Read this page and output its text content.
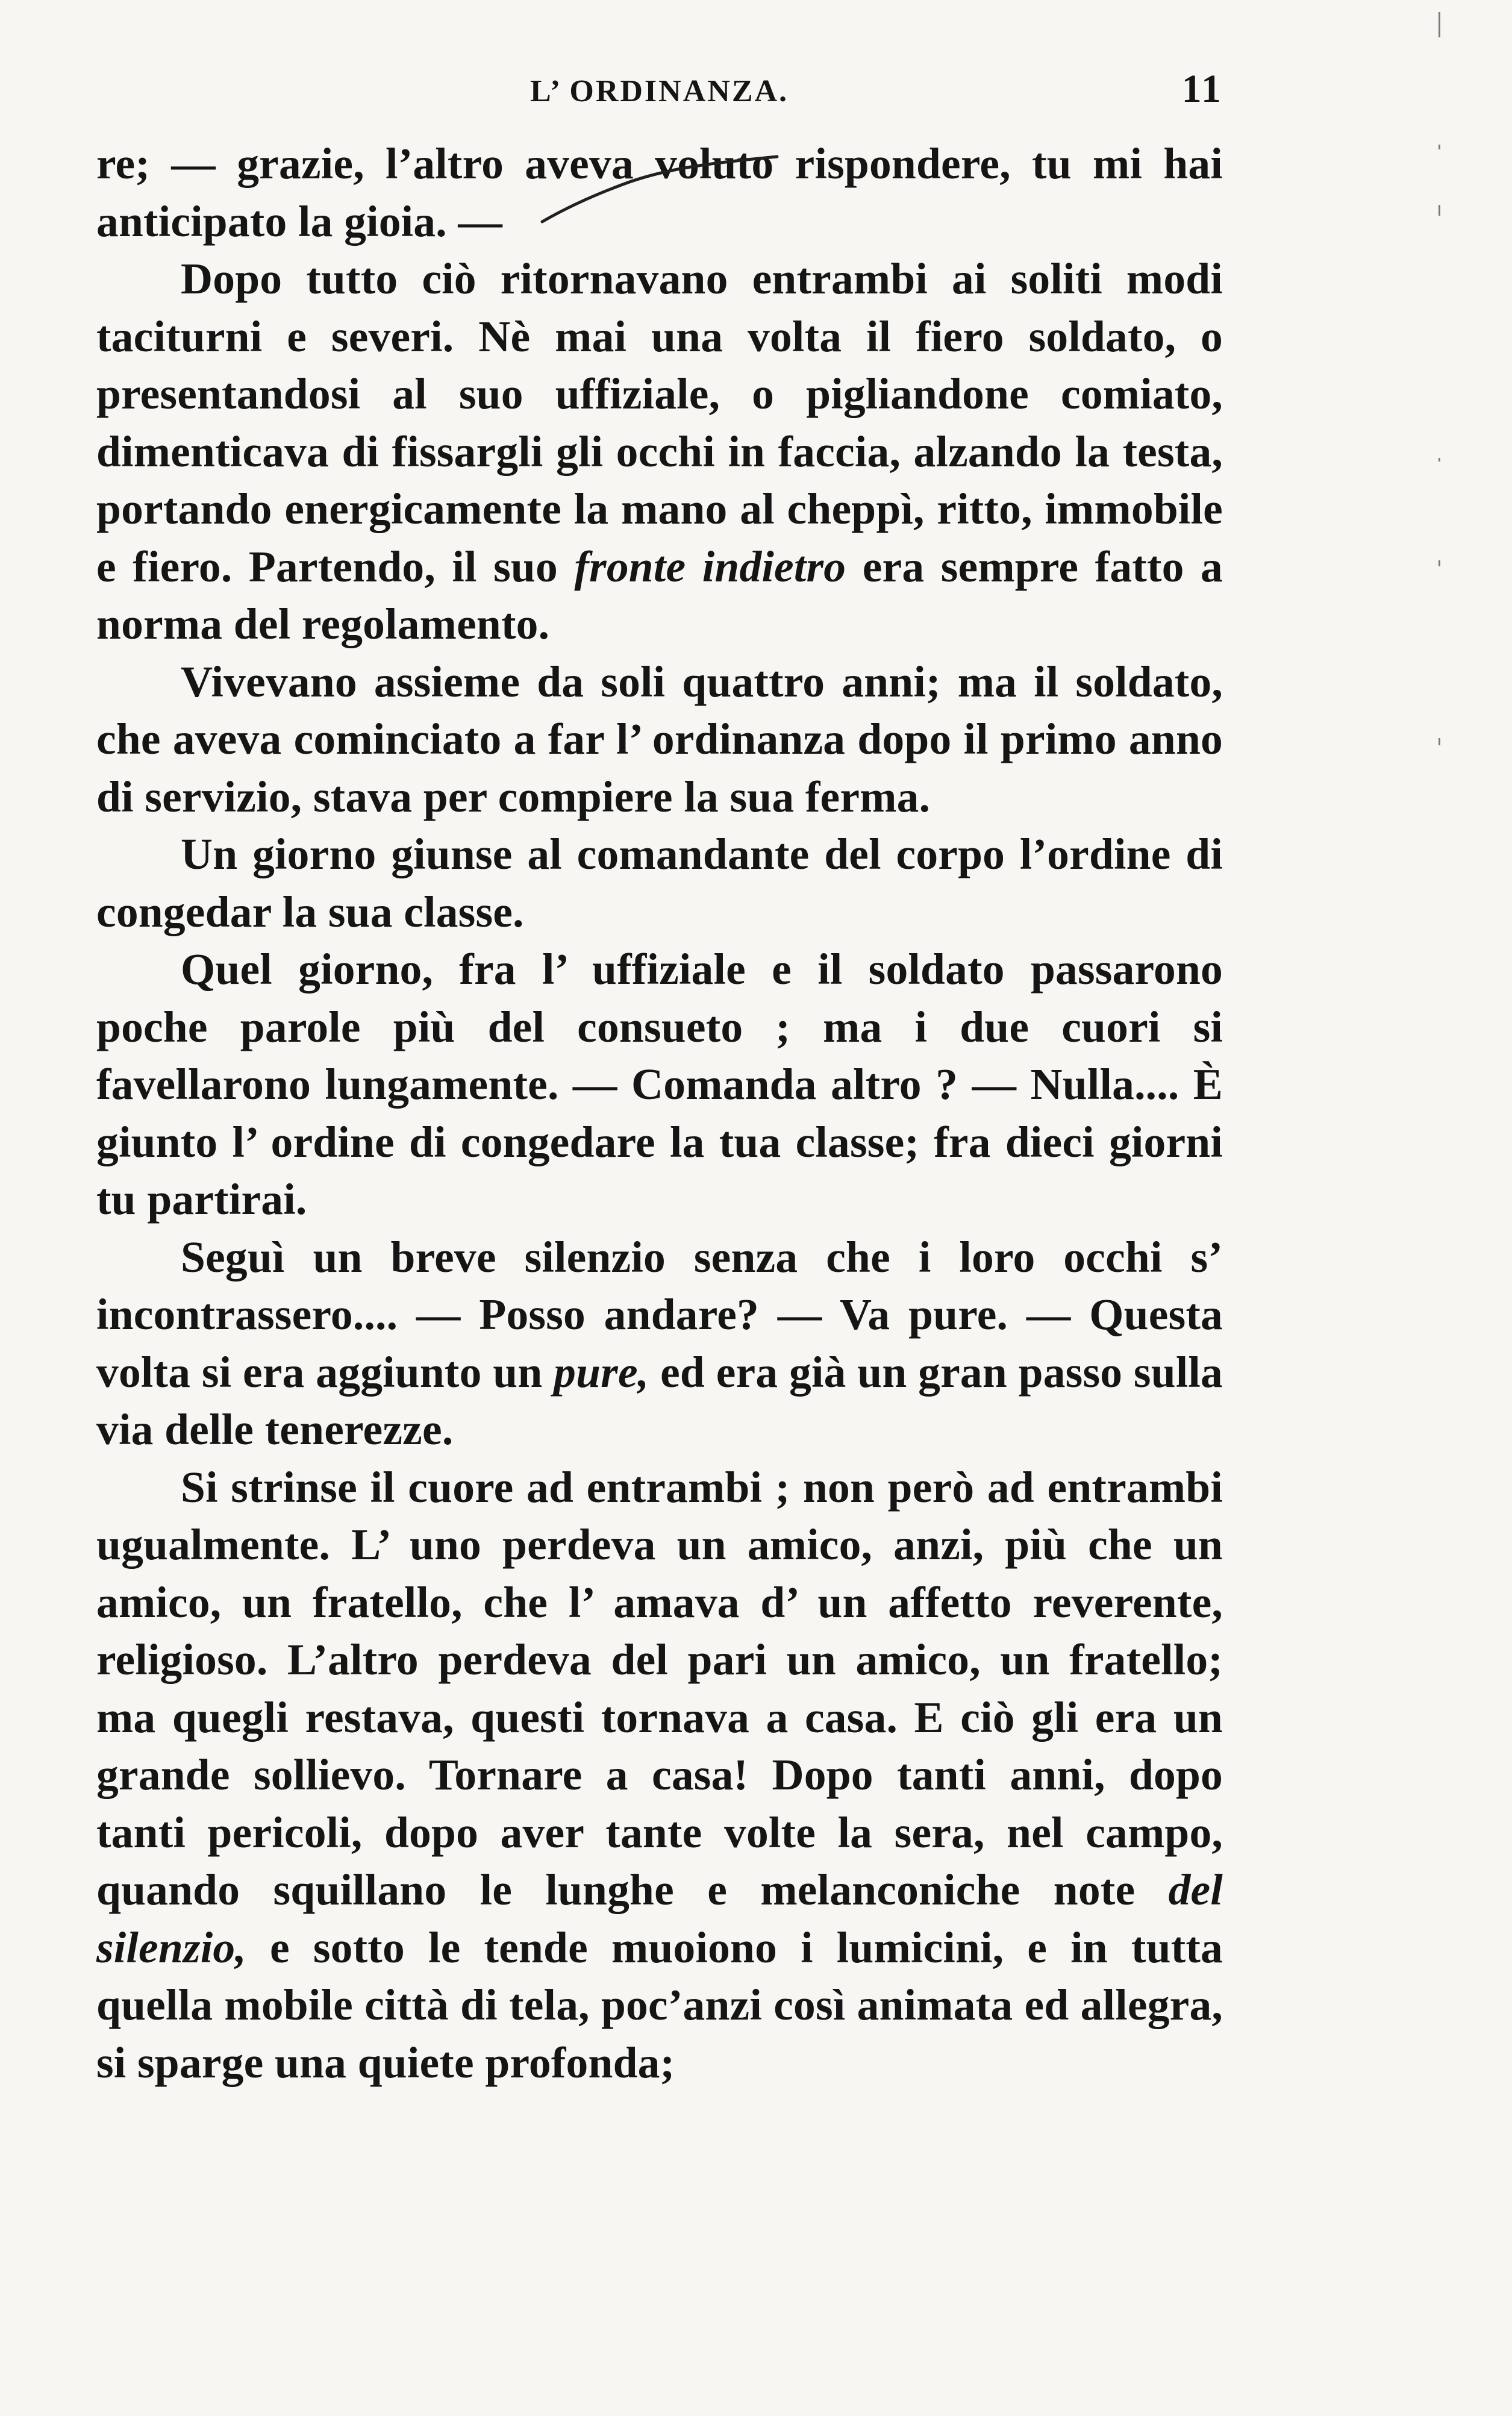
L’ ORDINANZA.	11

re; — grazie, l’altro aveva voluto rispondere, tu mi hai anticipato la gioia. —

Dopo tutto ciò ritornavano entrambi ai soliti modi taciturni e severi. Nè mai una volta il fiero soldato, o presentandosi al suo uffiziale, o pigliandone comiato, dimenticava di fissargli gli occhi in faccia, alzando la testa, portando energicamente la mano al cheppì, ritto, immobile e fiero. Partendo, il suo fronte indietro era sempre fatto a norma del regolamento.

Vivevano assieme da soli quattro anni; ma il soldato, che aveva cominciato a far l’ ordinanza dopo il primo anno di servizio, stava per compiere la sua ferma.

Un giorno giunse al comandante del corpo l’ordine di congedar la sua classe.

Quel giorno, fra l’ uffiziale e il soldato passarono poche parole più del consueto ; ma i due cuori si favellarono lungamente. — Comanda altro ? — Nulla.... È giunto l’ ordine di congedare la tua classe; fra dieci giorni tu partirai.

Seguì un breve silenzio senza che i loro occhi s’ incontrassero.... — Posso andare? — Va pure. — Questa volta si era aggiunto un pure, ed era già un gran passo sulla via delle tenerezze.

Si strinse il cuore ad entrambi ; non però ad entrambi ugualmente. L’ uno perdeva un amico, anzi, più che un amico, un fratello, che l’ amava d’ un affetto reverente, religioso. L’altro perdeva del pari un amico, un fratello; ma quegli restava, questi tornava a casa. E ciò gli era un grande sollievo. Tornare a casa! Dopo tanti anni, dopo tanti pericoli, dopo aver tante volte la sera, nel campo, quando squillano le lunghe e melanconiche note del silenzio, e sotto le tende muoiono i lumicini, e in tutta quella mobile città di tela, poc’anzi così animata ed allegra, si sparge una quiete profonda;
